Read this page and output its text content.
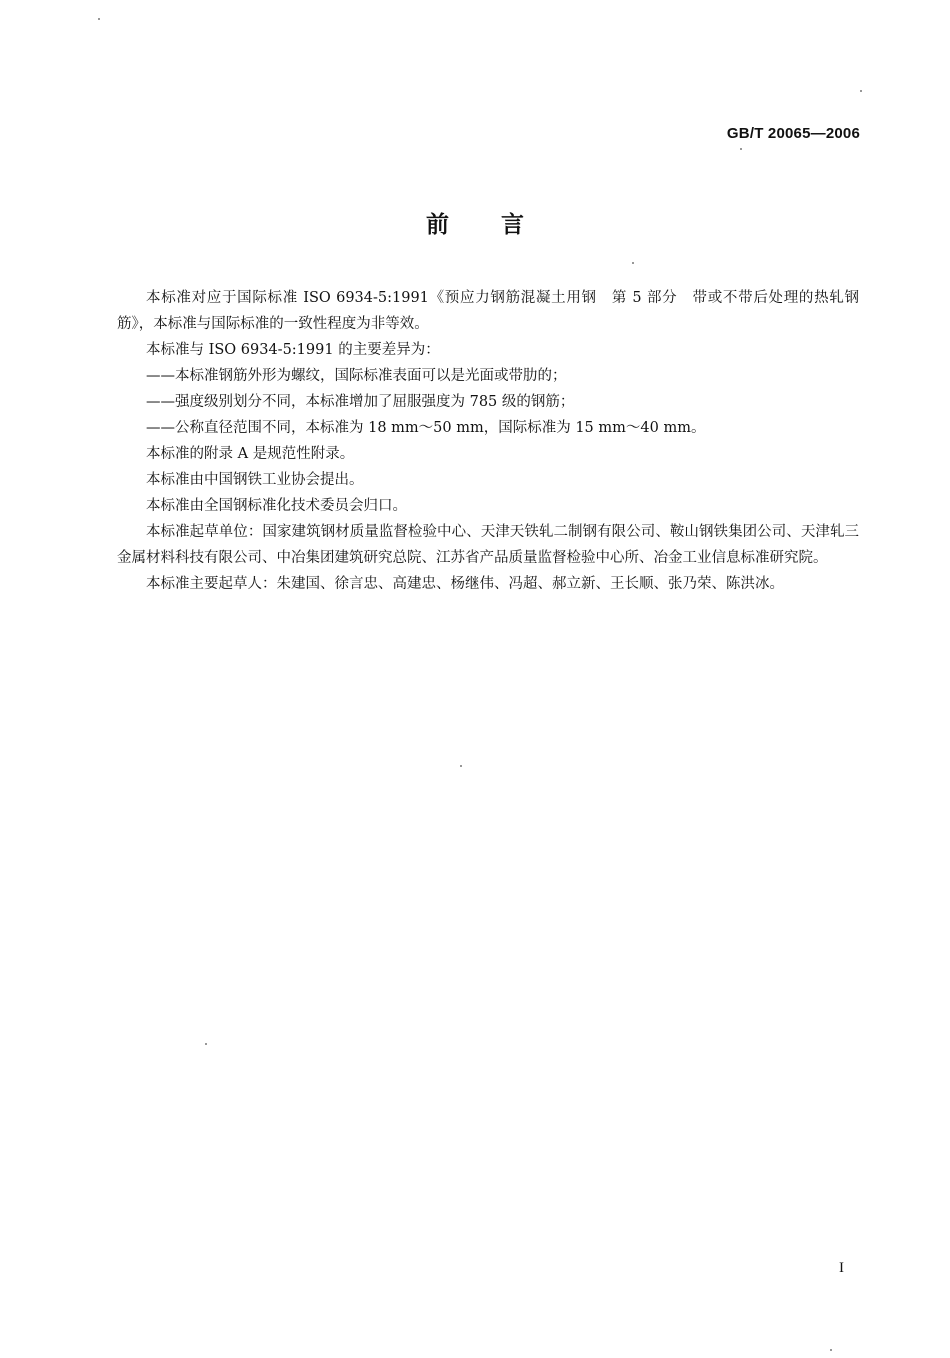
GB/T 20065—2006
前 言

本标准对应于国际标准 ISO 6934-5:1991《预应力钢筋混凝土用钢　第 5 部分　带或不带后处理的热轧钢筋》，本标准与国际标准的一致性程度为非等效。

本标准与 ISO 6934-5:1991 的主要差异为：

——本标准钢筋外形为螺纹，国际标准表面可以是光面或带肋的；

——强度级别划分不同，本标准增加了屈服强度为 785 级的钢筋；

——公称直径范围不同，本标准为 18 mm～50 mm，国际标准为 15 mm～40 mm。

本标准的附录 A 是规范性附录。

本标准由中国钢铁工业协会提出。

本标准由全国钢标准化技术委员会归口。

本标准起草单位：国家建筑钢材质量监督检验中心、天津天铁轧二制钢有限公司、鞍山钢铁集团公司、天津轧三金属材料科技有限公司、中冶集团建筑研究总院、江苏省产品质量监督检验中心所、冶金工业信息标准研究院。

本标准主要起草人：朱建国、徐言忠、高建忠、杨继伟、冯超、郝立新、王长顺、张乃荣、陈洪冰。

I
